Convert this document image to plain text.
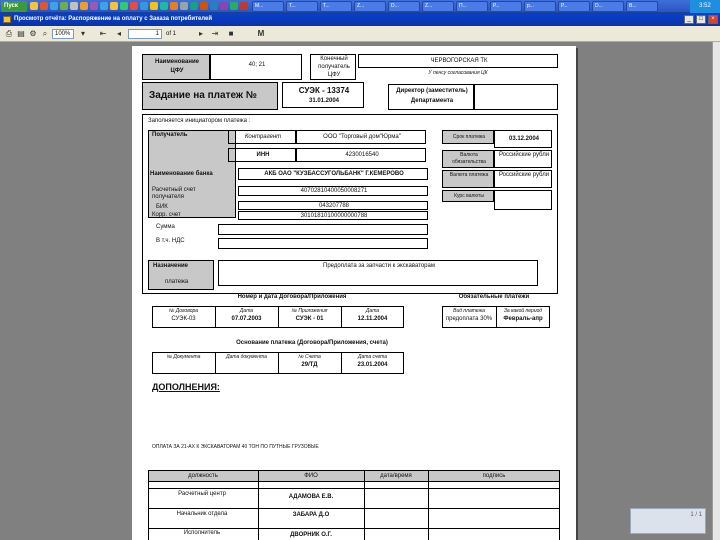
Пуск	М...	Т...	Т...	Z...	D...	Z...	П...	Р...	р...	Р...	D...	В...	3:52
Просмотр отчёта: Распоряжение на оплату с Заказа потребителей	_	□	×
⎙ ▤ ⚙ ⌕	100%	▾	⇤	◂	1	of 1	▸	⇥	■	M
Наименование
ЦФУ
40; 21
Конечный
получатель
ЦФУ
ЧЕРВОГОРСКАЯ ТК
У пенсу согласования ЦК
Задание на платеж №	СУЭК - 13374
31.01.2004
Директор (заместитель)
Департамента
Заполняется инициатором платежа :
Получатель
Наименование банка
Расчетный счет получателя
БИК
Корр. счет
Сумма
В т.ч. НДС
Контрагент	ООО "Торговый дом"Юрма"
ИНН	4230016540
АКБ ОАО "КУЗБАССУГОЛЬБАНК" Г.КЕМЕРОВО
40702810400050008271
043207788
30101810100000000788
Срок платежа	03.12.2004
Валюта обязательства
Российские рубли
Валюта платежа	Российские рубли
Курс валюты
Назначение
платежа
Предоплата за запчасти к экскаваторам
Номер и дата Договора/Приложения	Обязательные платежи
№ Договора	Дата	№ Приложения	Дата
СУЭК-03	07.07.2003	СУЭК - 01	12.11.2004
Вид платежа	За какой период
предоплата 30%	Февраль-апр
Основание платежа (Договора/Приложения, счета)
№ Документа	Дата документа	№ Счета	Дата счета
29/ТД	23.01.2004
ДОПОЛНЕНИЯ:
ОПЛАТА ЗА 21-АХ К ЭКСКАВАТОРАМ 40 ТОН ПО ПУТНЫЕ ГРУЗОВЫЕ
должность	ФИО	дата/время	подпись
Расчетный центр	АДАМОВА Е.В.
Начальник отдела	ЗАБАРА Д.О
Исполнитель	ДВОРНИК О.Г.
1 / 1
